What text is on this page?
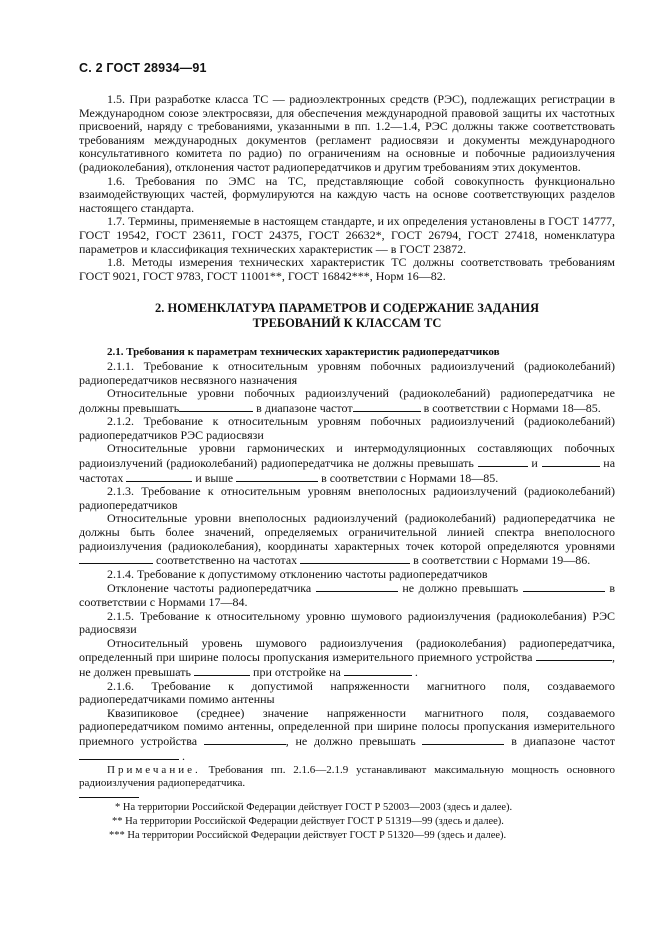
С. 2 ГОСТ 28934—91

1.5. При разработке класса ТС — радиоэлектронных средств (РЭС), подлежащих регистрации в Международном союзе электросвязи, для обеспечения международной правовой защиты их частотных присвоений, наряду с требованиями, указанными в пп. 1.2—1.4, РЭС должны также соответствовать требованиям международных документов (регламент радиосвязи и документы международного консультативного комитета по радио) по ограничениям на основные и побочные радиоизлучения (радиоколебания), отклонения частот радиопередатчиков и другим требованиям этих документов.

1.6. Требования по ЭМС на ТС, представляющие собой совокупность функционально взаимодействующих частей, формулируются на каждую часть на основе соответствующих разделов настоящего стандарта.

1.7. Термины, применяемые в настоящем стандарте, и их определения установлены в ГОСТ 14777, ГОСТ 19542, ГОСТ 23611, ГОСТ 24375, ГОСТ 26632*, ГОСТ 26794, ГОСТ 27418, номенклатура параметров и классификация технических характеристик — в ГОСТ 23872.

1.8. Методы измерения технических характеристик ТС должны соответствовать требованиям ГОСТ 9021, ГОСТ 9783, ГОСТ 11001**, ГОСТ 16842***, Норм 16—82.

2. НОМЕНКЛАТУРА ПАРАМЕТРОВ И СОДЕРЖАНИЕ ЗАДАНИЯ
ТРЕБОВАНИЙ К КЛАССАМ ТС

2.1. Требования к параметрам технических характеристик радиопередатчиков

2.1.1. Требование к относительным уровням побочных радиоизлучений (радиоколебаний) радиопередатчиков несвязного назначения

Относительные уровни побочных радиоизлучений (радиоколебаний) радиопередатчика не должны превышать	в диапазоне частот	в соответствии с Нормами 18—85.

2.1.2. Требование к относительным уровням побочных радиоизлучений (радиоколебаний) радиопередатчиков РЭС радиосвязи

Относительные уровни гармонических и интермодуляционных составляющих побочных радиоизлучений (радиоколебаний) радиопередатчика не должны превышать	и	на частотах	и выше	в соответствии с Нормами 18—85.

2.1.3. Требование к относительным уровням внеполосных радиоизлучений (радиоколебаний) радиопередатчиков

Относительные уровни внеполосных радиоизлучений (радиоколебаний) радиопередатчика не должны быть более значений, определяемых ограничительной линией спектра внеполосного радиоизлучения (радиоколебания), координаты характерных точек которой определяются уровнями  соответственно на частотах	в соответствии с Нормами 19—86.

2.1.4. Требование к допустимому отклонению частоты радиопередатчиков

Отклонение частоты радиопередатчика	не должно превышать	в соответствии с Нормами 17—84.

2.1.5. Требование к относительному уровню шумового радиоизлучения (радиоколебания) РЭС радиосвязи

Относительный уровень шумового радиоизлучения (радиоколебания) радиопередатчика, определенный при ширине полосы пропускания измерительного приемного устройства	, не должен превышать	при отстройке на	.

2.1.6. Требование к допустимой напряженности магнитного поля, создаваемого радиопередатчиками помимо антенны

Квазипиковое (среднее) значение напряженности магнитного поля, создаваемого радиопередатчиком помимо антенны, определенной при ширине полосы пропускания измерительного приемного устройства	, не должно превышать	в диапазоне частот  .

Примечание. Требования пп. 2.1.6—2.1.9 устанавливают максимальную мощность основного радиоизлучения радиопередатчика.
* На территории Российской Федерации действует ГОСТ Р 52003—2003 (здесь и далее).
** На территории Российской Федерации действует ГОСТ Р 51319—99 (здесь и далее).
*** На территории Российской Федерации действует ГОСТ Р 51320—99 (здесь и далее).
